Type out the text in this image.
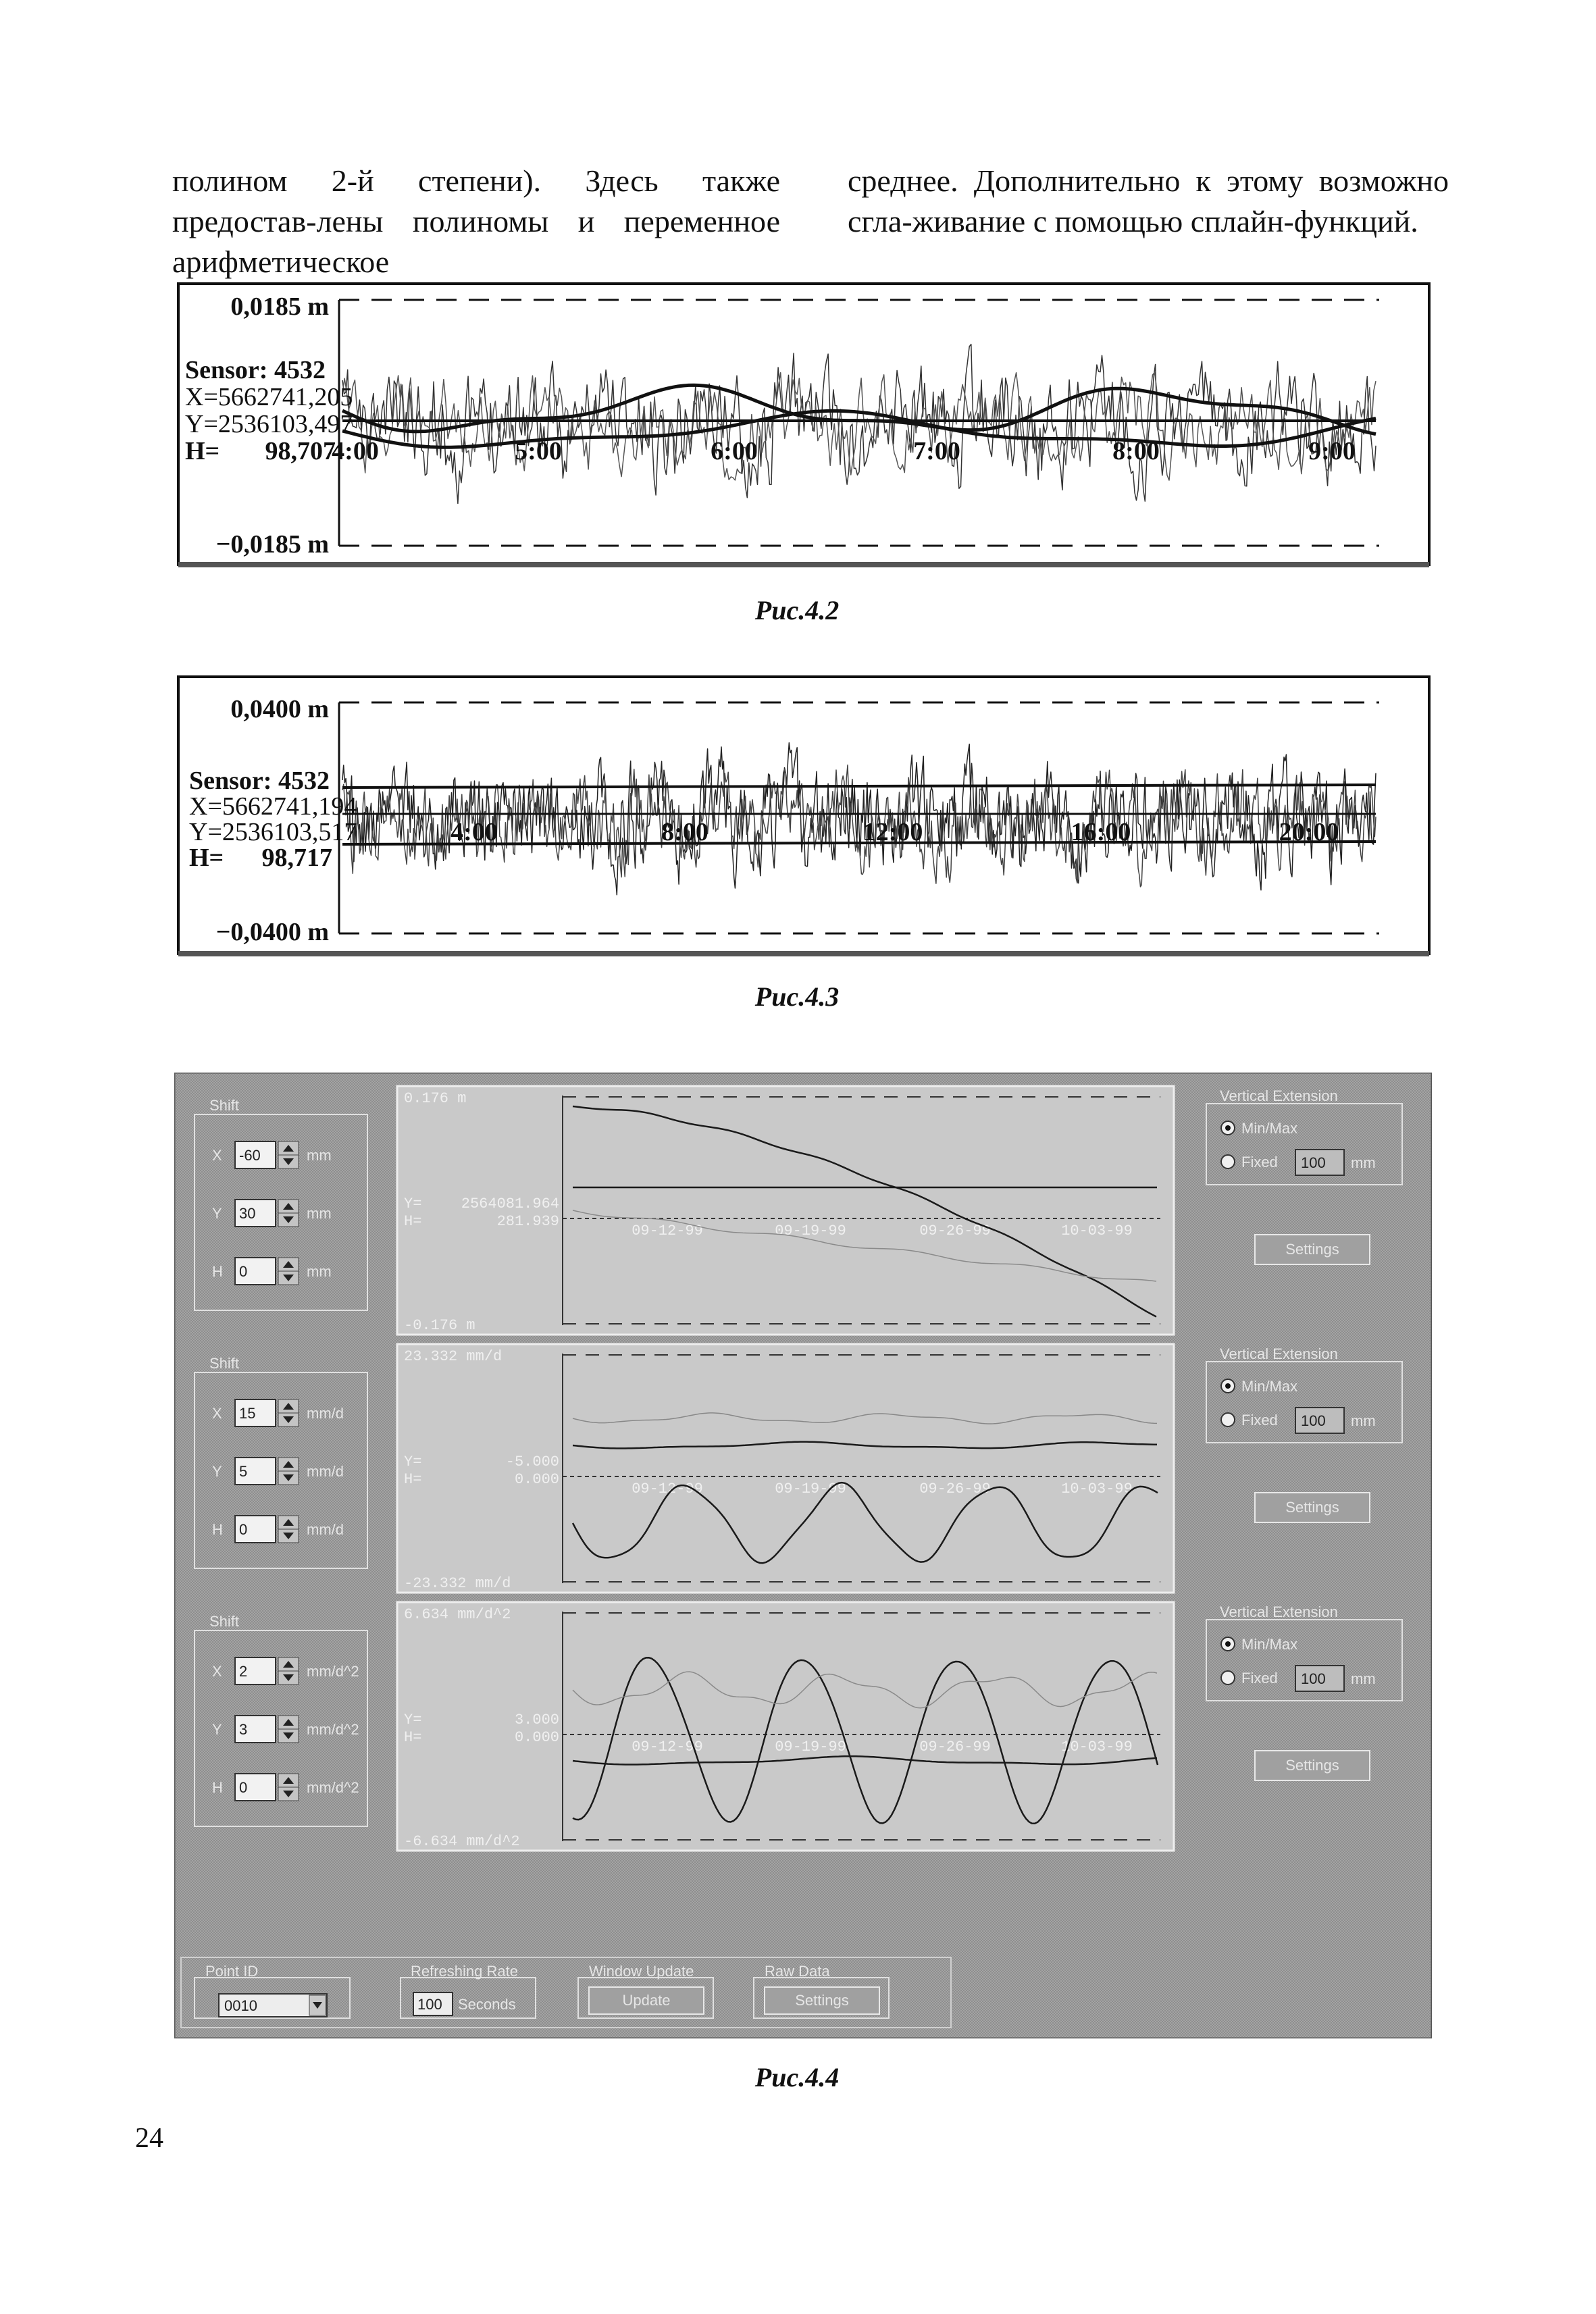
полином 2-й степени). Здесь также предостав-лены полиномы и переменное арифметическое
среднее. Дополнительно к этому возможно сгла-живание с помощью сплайн-функций.
0,0185 m
−0,0185 m
Sensor: 4532
X=5662741,205
Y=2536103,497
H= 98,707
4:00	5:00	6:00	7:00	8:00	9:00
Рис.4.2
0,0400 m
−0,0400 m
Sensor: 4532
X=5662741,194
Y=2536103,517
H= 98,717
4:00	8:00	12:00	16:00	20:00
Рис.4.3
Shift
X -60	mm
Y 30	mm
H 0	mm
0.176 m
-0.176 m
Y=	2564081.964
H=	281.939
09-12-99	09-19-99	09-26-99	10-03-99
Vertical Extension
Min/Max
Fixed 100 mm
Settings
Shift
X 15	mm/d
Y 5	mm/d
H 0	mm/d
23.332 mm/d
-23.332 mm/d
Y=	-5.000
H=	0.000
09-12-99	09-19-99	09-26-99	10-03-99
Vertical Extension
Min/Max
Fixed 100 mm
Settings
Shift
X 2	mm/d^2
Y 3	mm/d^2
H 0	mm/d^2
6.634 mm/d^2
-6.634 mm/d^2
Y=	3.000
H=	0.000
09-12-99	09-19-99	09-26-99	10-03-99
Vertical Extension
Min/Max
Fixed 100 mm
Settings
Point ID
0010
Refreshing Rate
100 Seconds
Window Update
Update
Raw Data
Settings
Рис.4.4
24
